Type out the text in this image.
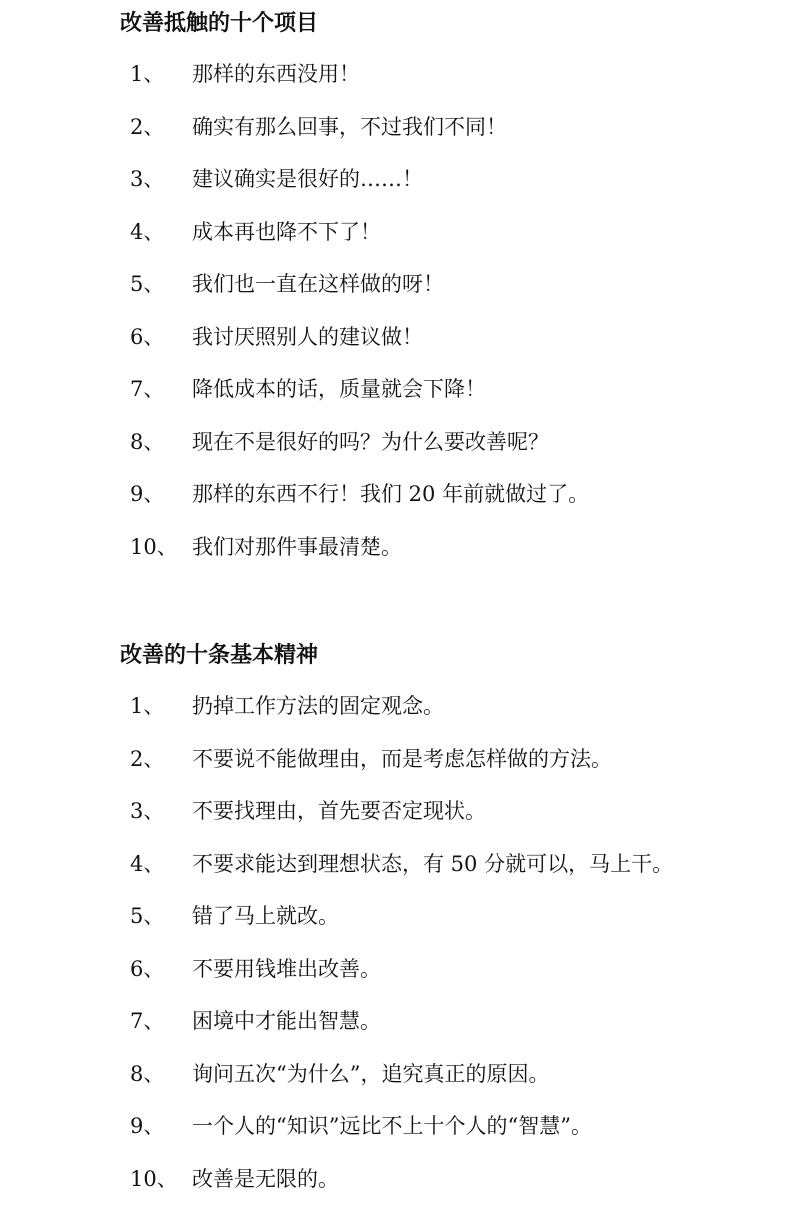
改善抵触的十个项目
1、	那样的东西没用！
2、	确实有那么回事，不过我们不同！
3、	建议确实是很好的……！
4、	成本再也降不下了！
5、	我们也一直在这样做的呀！
6、	我讨厌照别人的建议做！
7、	降低成本的话，质量就会下降！
8、	现在不是很好的吗？为什么要改善呢？
9、	那样的东西不行！我们 20 年前就做过了。
10、 我们对那件事最清楚。
改善的十条基本精神
1、	扔掉工作方法的固定观念。
2、	不要说不能做理由，而是考虑怎样做的方法。
3、	不要找理由，首先要否定现状。
4、	不要求能达到理想状态，有 50 分就可以，马上干。
5、	错了马上就改。
6、	不要用钱堆出改善。
7、	困境中才能出智慧。
8、	询问五次“为什么”，追究真正的原因。
9、	一个人的“知识”远比不上十个人的“智慧”。
10、 改善是无限的。
